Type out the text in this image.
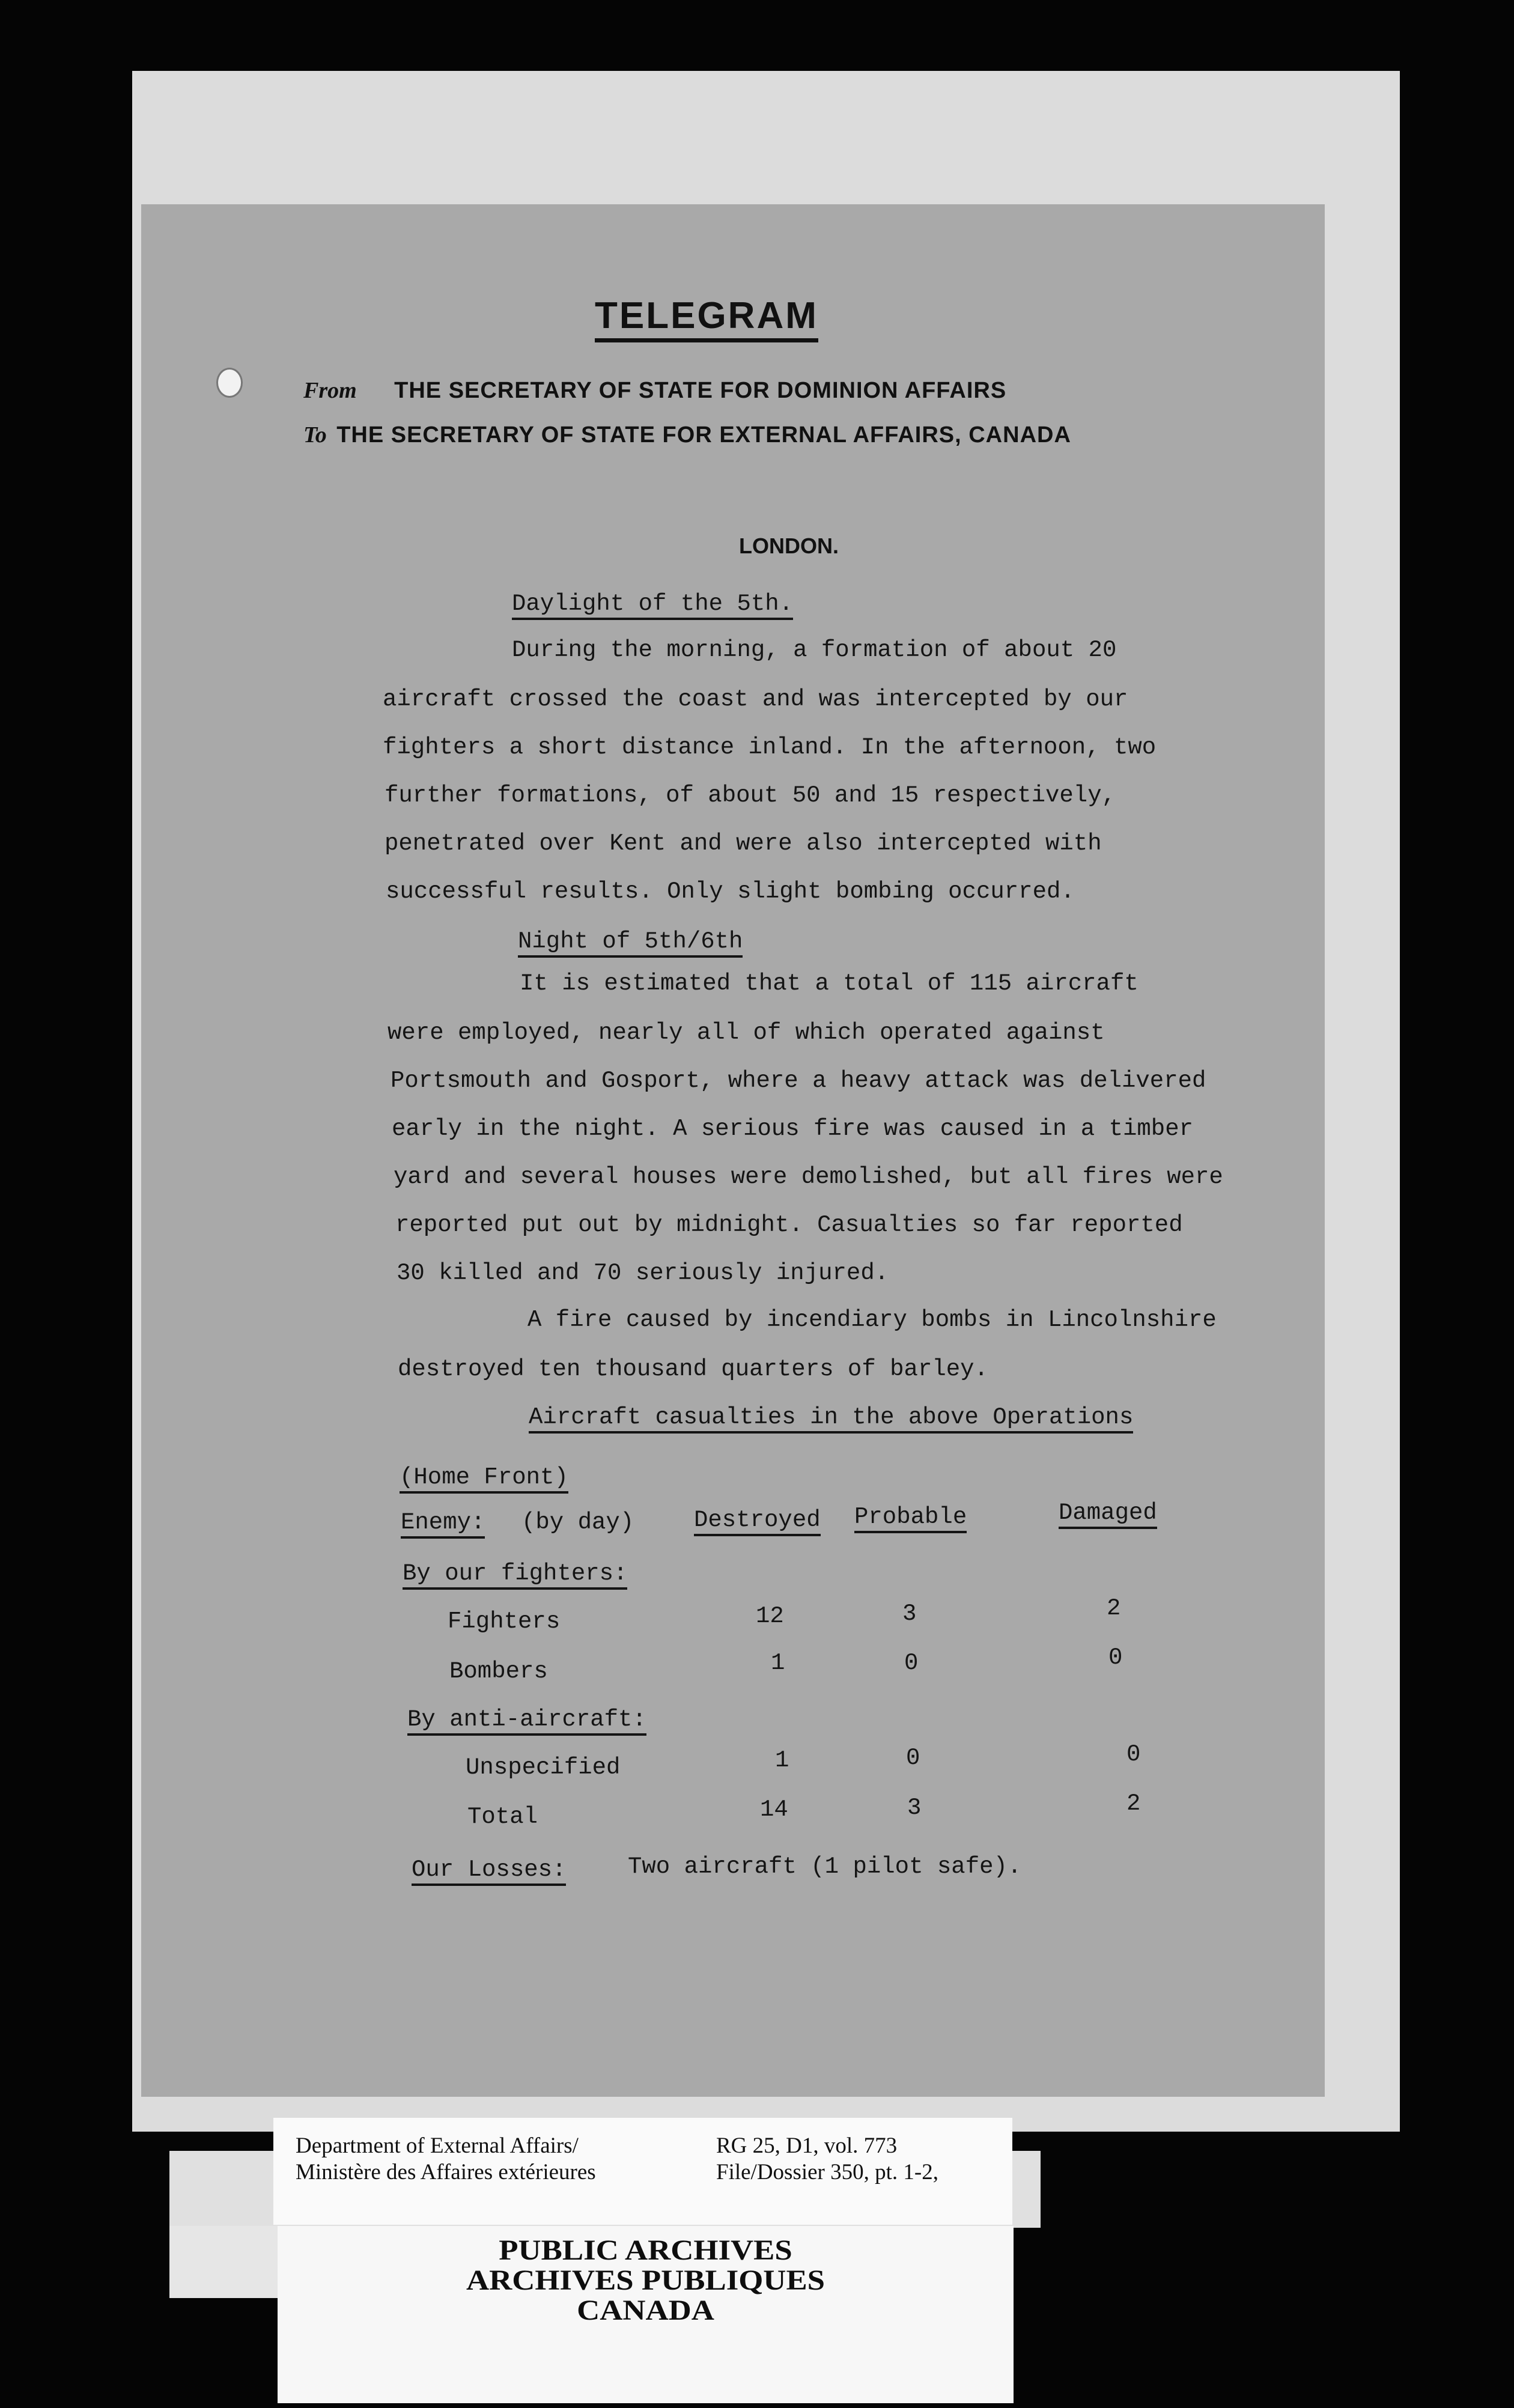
TELEGRAM
From THE SECRETARY OF STATE FOR DOMINION AFFAIRS
To THE SECRETARY OF STATE FOR EXTERNAL AFFAIRS, CANADA
LONDON.
Daylight of the 5th.
During the morning, a formation of about 20
aircraft crossed the coast and was intercepted by our
fighters a short distance inland. In the afternoon, two
further formations, of about 50 and 15 respectively,
penetrated over Kent and were also intercepted with
successful results. Only slight bombing occurred.
Night of 5th/6th
It is estimated that a total of 115 aircraft
were employed, nearly all of which operated against
Portsmouth and Gosport, where a heavy attack was delivered
early in the night. A serious fire was caused in a timber
yard and several houses were demolished, but all fires were
reported put out by midnight. Casualties so far reported
30 killed and 70 seriously injured.
A fire caused by incendiary bombs in Lincolnshire
destroyed ten thousand quarters of barley.
Aircraft casualties in the above Operations
(Home Front)
Enemy: (by day)	Destroyed Probable	Damaged
By our fighters:
Fighters	12	3	2
Bombers	1	0	0
By anti-aircraft:
Unspecified	1	0	0
Total	14	3	2
Our Losses:	Two aircraft (1 pilot safe).
Department of External Affairs/
Ministère des Affaires extérieures
RG 25, D1, vol. 773
File/Dossier 350, pt. 1-2,
PUBLIC ARCHIVES
ARCHIVES PUBLIQUES
CANADA
